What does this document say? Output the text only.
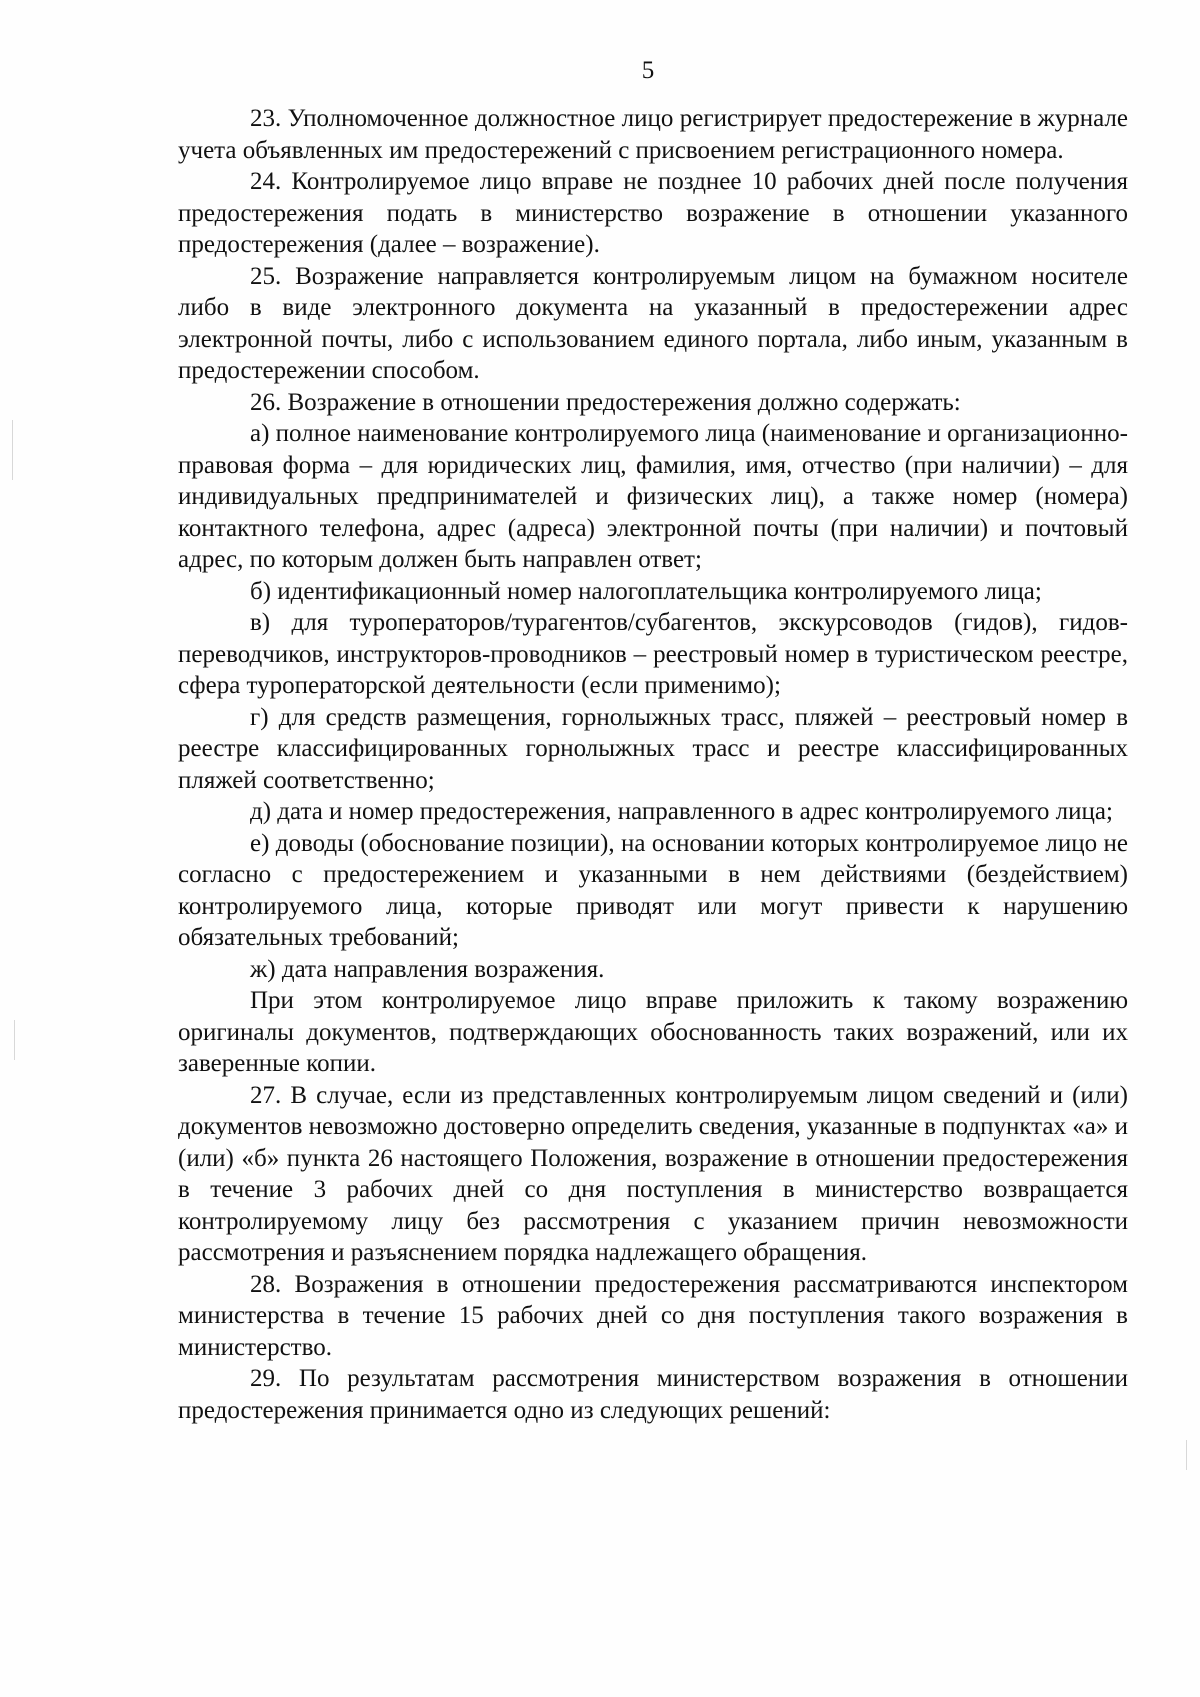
5

23. Уполномоченное должностное лицо регистрирует предостережение в журнале учета объявленных им предостережений с присвоением регистрационного номера.

24. Контролируемое лицо вправе не позднее 10 рабочих дней после получения предостережения подать в министерство возражение в отношении указанного предостережения (далее – возражение).

25. Возражение направляется контролируемым лицом на бумажном носителе либо в виде электронного документа на указанный в предостережении адрес электронной почты, либо с использованием единого портала, либо иным, указанным в предостережении способом.

26. Возражение в отношении предостережения должно содержать:

а) полное наименование контролируемого лица (наименование и организационно-правовая форма – для юридических лиц, фамилия, имя, отчество (при наличии) – для индивидуальных предпринимателей и физических лиц), а также номер (номера) контактного телефона, адрес (адреса) электронной почты (при наличии) и почтовый адрес, по которым должен быть направлен ответ;

б) идентификационный номер налогоплательщика контролируемого лица;

в) для туроператоров/турагентов/субагентов, экскурсоводов (гидов), гидов-переводчиков, инструкторов-проводников – реестровый номер в туристическом реестре, сфера туроператорской деятельности (если применимо);

г) для средств размещения, горнолыжных трасс, пляжей – реестровый номер в реестре классифицированных горнолыжных трасс и реестре классифицированных пляжей соответственно;

д) дата и номер предостережения, направленного в адрес контролируемого лица;

е) доводы (обоснование позиции), на основании которых контролируемое лицо не согласно с предостережением и указанными в нем действиями (бездействием) контролируемого лица, которые приводят или могут привести к нарушению обязательных требований;

ж) дата направления возражения.

При этом контролируемое лицо вправе приложить к такому возражению оригиналы документов, подтверждающих обоснованность таких возражений, или их заверенные копии.

27. В случае, если из представленных контролируемым лицом сведений и (или) документов невозможно достоверно определить сведения, указанные в подпунктах «а» и (или) «б» пункта 26 настоящего Положения, возражение в отношении предостережения в течение 3 рабочих дней со дня поступления в министерство возвращается контролируемому лицу без рассмотрения с указанием причин невозможности рассмотрения и разъяснением порядка надлежащего обращения.

28. Возражения в отношении предостережения рассматриваются инспектором министерства в течение 15 рабочих дней со дня поступления такого возражения в министерство.

29. По результатам рассмотрения министерством возражения в отношении предостережения принимается одно из следующих решений:
